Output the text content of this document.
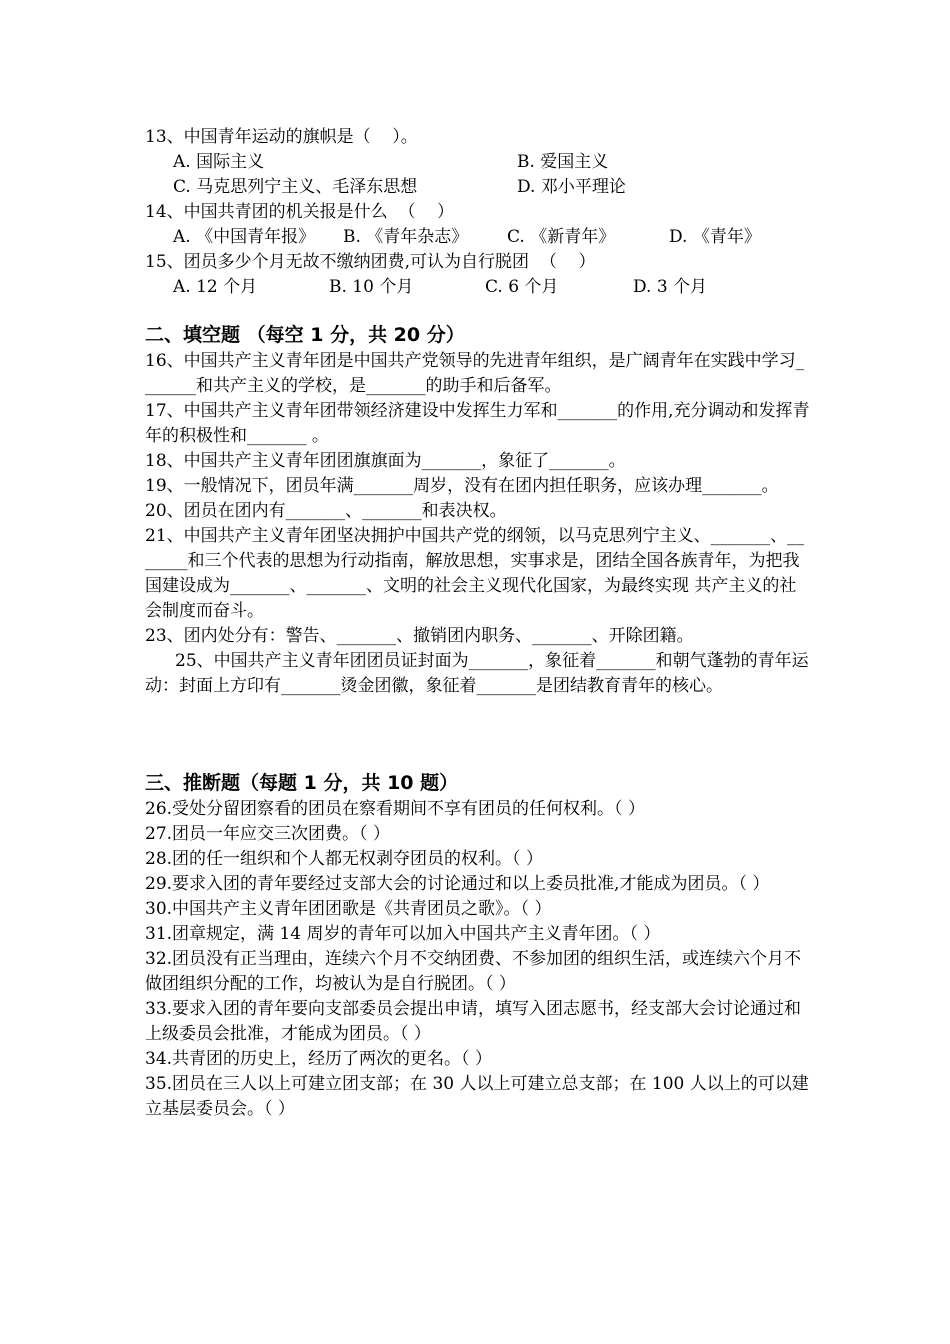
13、中国青年运动的旗帜是（    ）。
A. 国际主义	B. 爱国主义
C. 马克思列宁主义、毛泽东思想	D. 邓小平理论
14、中国共青团的机关报是什么  （    ）
A. 《中国青年报》 B. 《青年杂志》 C. 《新青年》	D. 《青年》
15、团员多少个月无故不缴纳团费,可认为自行脱团  （    ）
A. 12 个月	B. 10 个月	C. 6 个月	D. 3 个月
二、填空题 （每空 1 分，共 20 分）
16、中国共产主义青年团是中国共产党领导的先进青年组织，是广阔青年在实践中学习_______和共产主义的学校，是_______的助手和后备军。
17、中国共产主义青年团带领经济建设中发挥生力军和_______的作用,充分调动和发挥青年的积极性和_______ 。
18、中国共产主义青年团团旗旗面为_______，象征了_______。
19、一般情况下，团员年满_______周岁，没有在团内担任职务，应该办理_______。
20、团员在团内有_______、_______和表决权。
21、中国共产主义青年团坚决拥护中国共产党的纲领，以马克思列宁主义、_______、_______和三个代表的思想为行动指南，解放思想，实事求是，团结全国各族青年，为把我国建设成为_______、_______、文明的社会主义现代化国家，为最终实现 共产主义的社会制度而奋斗。
23、团内处分有：警告、_______、撤销团内职务、_______、开除团籍。
25、中国共产主义青年团团员证封面为_______，象征着_______和朝气蓬勃的青年运动：封面上方印有_______烫金团徽，象征着_______是团结教育青年的核心。
三、推断题（每题 1 分，共 10 题）
26.受处分留团察看的团员在察看期间不享有团员的任何权利。（ ）
27.团员一年应交三次团费。（ ）
28.团的任一组织和个人都无权剥夺团员的权利。（ ）
29.要求入团的青年要经过支部大会的讨论通过和以上委员批准,才能成为团员。（ ）
30.中国共产主义青年团团歌是《共青团员之歌》。（ ）
31.团章规定，满 14 周岁的青年可以加入中国共产主义青年团。（ ）
32.团员没有正当理由，连续六个月不交纳团费、不参加团的组织生活，或连续六个月不做团组织分配的工作，均被认为是自行脱团。（ ）
33.要求入团的青年要向支部委员会提出申请，填写入团志愿书，经支部大会讨论通过和上级委员会批准，才能成为团员。（ ）
34.共青团的历史上，经历了两次的更名。（ ）
35.团员在三人以上可建立团支部；在 30 人以上可建立总支部；在 100 人以上的可以建立基层委员会。（ ）
